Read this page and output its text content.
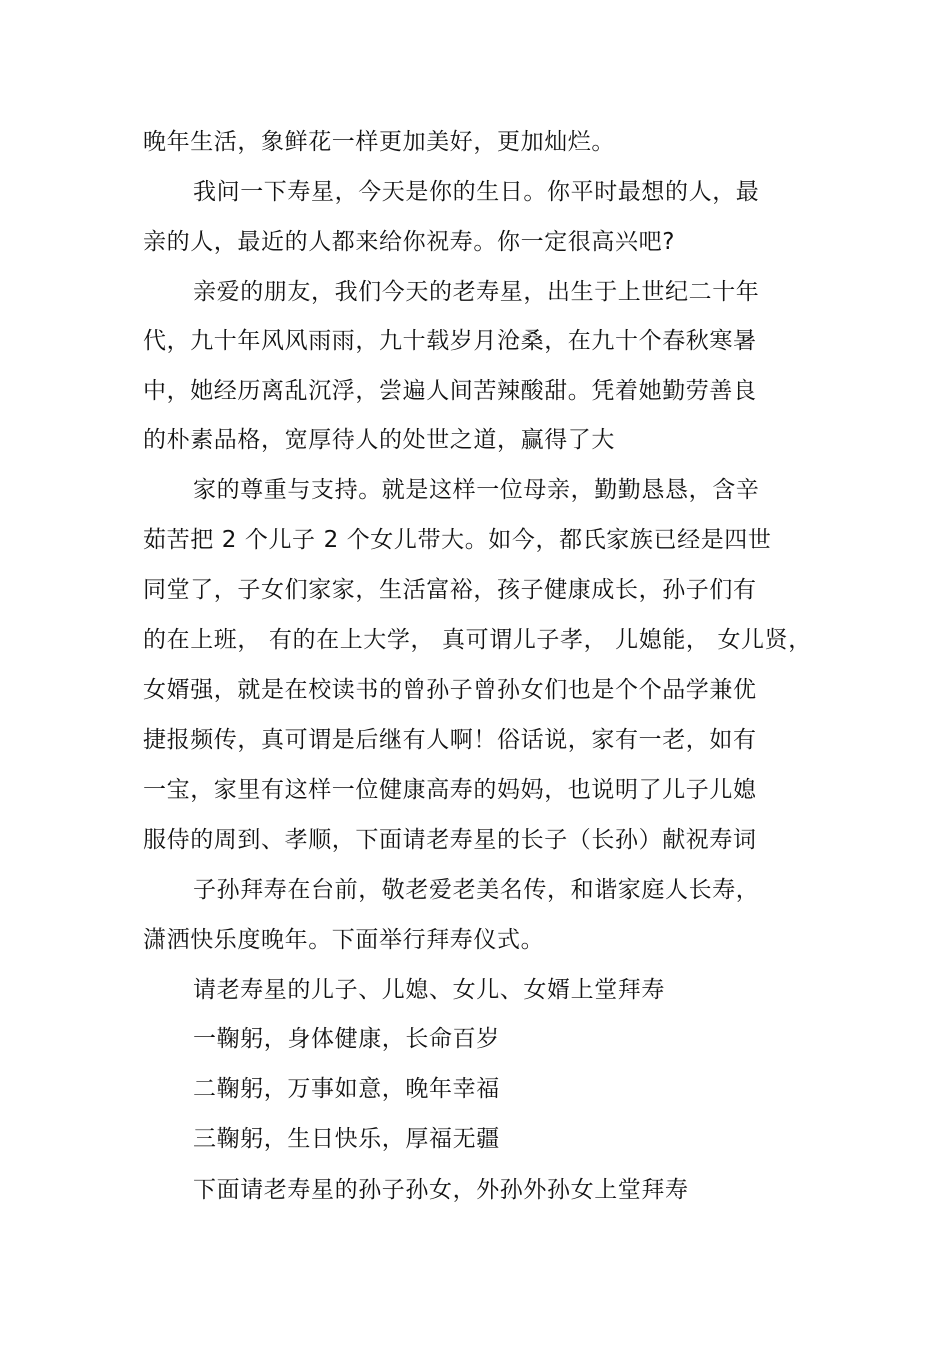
晚年生活，象鲜花一样更加美好，更加灿烂。
我问一下寿星，今天是你的生日。你平时最想的人，最
亲的人，最近的人都来给你祝寿。你一定很高兴吧?
亲爱的朋友，我们今天的老寿星，出生于上世纪二十年
代，九十年风风雨雨，九十载岁月沧桑，在九十个春秋寒暑
中，她经历离乱沉浮，尝遍人间苦辣酸甜。凭着她勤劳善良
的朴素品格，宽厚待人的处世之道，赢得了大
家的尊重与支持。就是这样一位母亲，勤勤恳恳，含辛
茹苦把 2 个儿子 2 个女儿带大。如今，都氏家族已经是四世
同堂了，子女们家家，生活富裕，孩子健康成长，孙子们有
的在上班， 有的在上大学， 真可谓儿子孝， 儿媳能， 女儿贤，
女婿强，就是在校读书的曾孙子曾孙女们也是个个品学兼优
捷报频传，真可谓是后继有人啊！俗话说，家有一老，如有
一宝，家里有这样一位健康高寿的妈妈，也说明了儿子儿媳
服侍的周到、孝顺，下面请老寿星的长子（长孙）献祝寿词
子孙拜寿在台前，敬老爱老美名传，和谐家庭人长寿，
潇洒快乐度晚年。下面举行拜寿仪式。
请老寿星的儿子、儿媳、女儿、女婿上堂拜寿
一鞠躬，身体健康，长命百岁
二鞠躬，万事如意，晚年幸福
三鞠躬，生日快乐，厚福无疆
下面请老寿星的孙子孙女，外孙外孙女上堂拜寿
